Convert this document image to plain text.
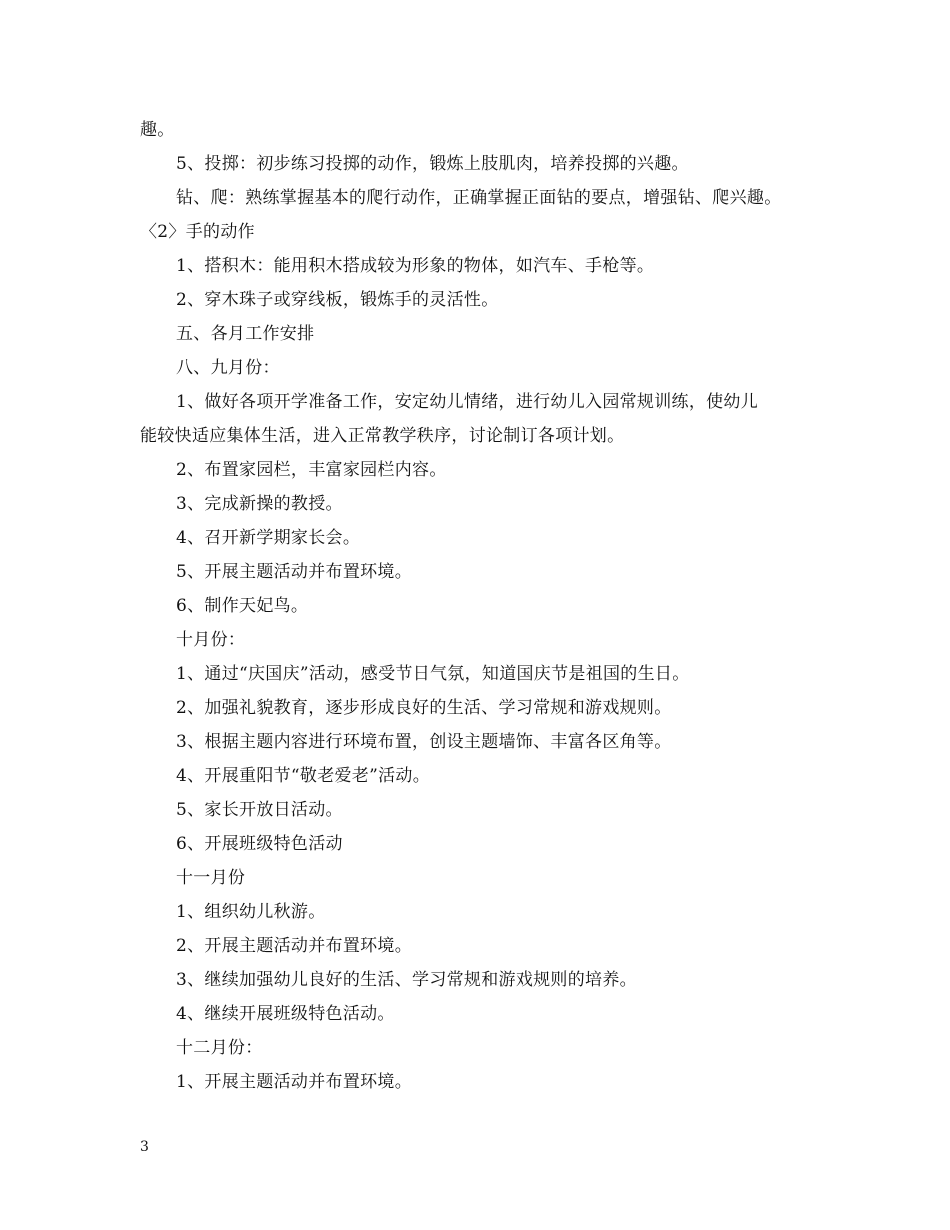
趣。
5、投掷：初步练习投掷的动作，锻炼上肢肌肉，培养投掷的兴趣。
钻、爬：熟练掌握基本的爬行动作，正确掌握正面钻的要点，增强钻、爬兴趣。
〈2〉手的动作
1、搭积木：能用积木搭成较为形象的物体，如汽车、手枪等。
2、穿木珠子或穿线板，锻炼手的灵活性。
五、各月工作安排
八、九月份：
1、做好各项开学准备工作，安定幼儿情绪，进行幼儿入园常规训练，使幼儿
能较快适应集体生活，进入正常教学秩序，讨论制订各项计划。
2、布置家园栏，丰富家园栏内容。
3、完成新操的教授。
4、召开新学期家长会。
5、开展主题活动并布置环境。
6、制作天妃鸟。
十月份：
1、通过“庆国庆”活动，感受节日气氛，知道国庆节是祖国的生日。
2、加强礼貌教育，逐步形成良好的生活、学习常规和游戏规则。
3、根据主题内容进行环境布置，创设主题墙饰、丰富各区角等。
4、开展重阳节“敬老爱老”活动。
5、家长开放日活动。
6、开展班级特色活动
十一月份
1、组织幼儿秋游。
2、开展主题活动并布置环境。
3、继续加强幼儿良好的生活、学习常规和游戏规则的培养。
4、继续开展班级特色活动。
十二月份：
1、开展主题活动并布置环境。
3
